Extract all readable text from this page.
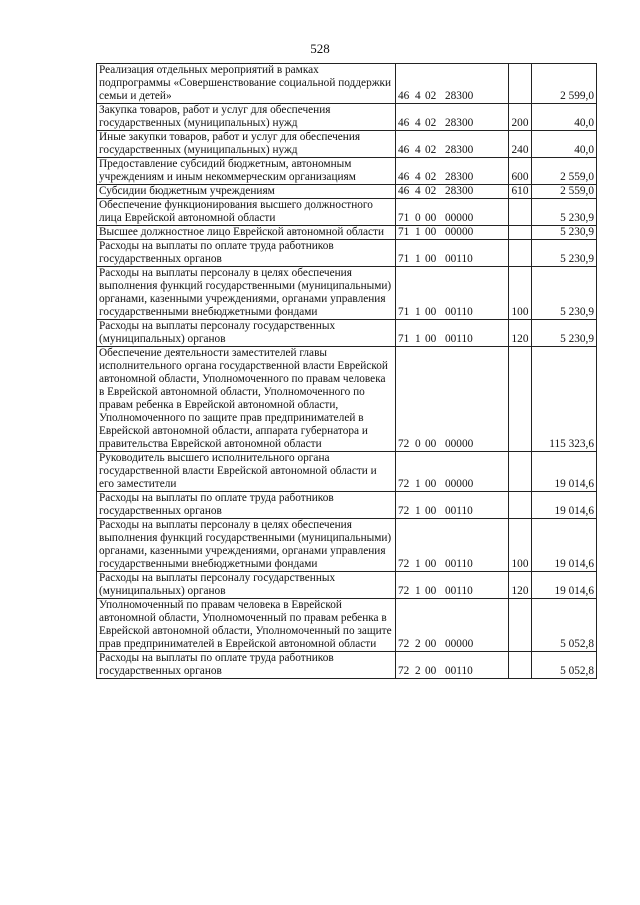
528
Реализация отдельных мероприятий в рамках подпрограммы «Совершенствование социальной поддержки семьи и детей»	46 4 02 28300		2 599,0
Закупка товаров, работ и услуг для обеспечения государственных (муниципальных) нужд	46 4 02 28300	200	40,0
Иные закупки товаров, работ и услуг для обеспечения государственных (муниципальных) нужд	46 4 02 28300	240	40,0
Предоставление субсидий бюджетным, автономным учреждениям и иным некоммерческим организациям	46 4 02 28300	600	2 559,0
Субсидии бюджетным учреждениям	46 4 02 28300	610	2 559,0
Обеспечение функционирования высшего должностного лица Еврейской автономной области	71 0 00 00000		5 230,9
Высшее должностное лицо Еврейской автономной области	71 1 00 00000		5 230,9
Расходы на выплаты по оплате труда работников государственных органов	71 1 00 00110		5 230,9
Расходы на выплаты персоналу в целях обеспечения выполнения функций государственными (муниципальными) органами, казенными учреждениями, органами управления государственными внебюджетными фондами	71 1 00 00110	100	5 230,9
Расходы на выплаты персоналу государственных (муниципальных) органов	71 1 00 00110	120	5 230,9
Обеспечение деятельности заместителей главы исполнительного органа государственной власти Еврейской автономной области, Уполномоченного по правам человека в Еврейской автономной области, Уполномоченного по правам ребенка в Еврейской автономной области, Уполномоченного по защите прав предпринимателей в Еврейской автономной области, аппарата губернатора и правительства Еврейской автономной области	72 0 00 00000		115 323,6
Руководитель высшего исполнительного органа государственной власти Еврейской автономной области и его заместители	72 1 00 00000		19 014,6
Расходы на выплаты по оплате труда работников государственных органов	72 1 00 00110		19 014,6
Расходы на выплаты персоналу в целях обеспечения выполнения функций государственными (муниципальными) органами, казенными учреждениями, органами управления государственными внебюджетными фондами	72 1 00 00110	100	19 014,6
Расходы на выплаты персоналу государственных (муниципальных) органов	72 1 00 00110	120	19 014,6
Уполномоченный по правам человека в Еврейской автономной области, Уполномоченный по правам ребенка в Еврейской автономной области, Уполномоченный по защите прав предпринимателей в Еврейской автономной области	72 2 00 00000		5 052,8
Расходы на выплаты по оплате труда работников государственных органов	72 2 00 00110		5 052,8
